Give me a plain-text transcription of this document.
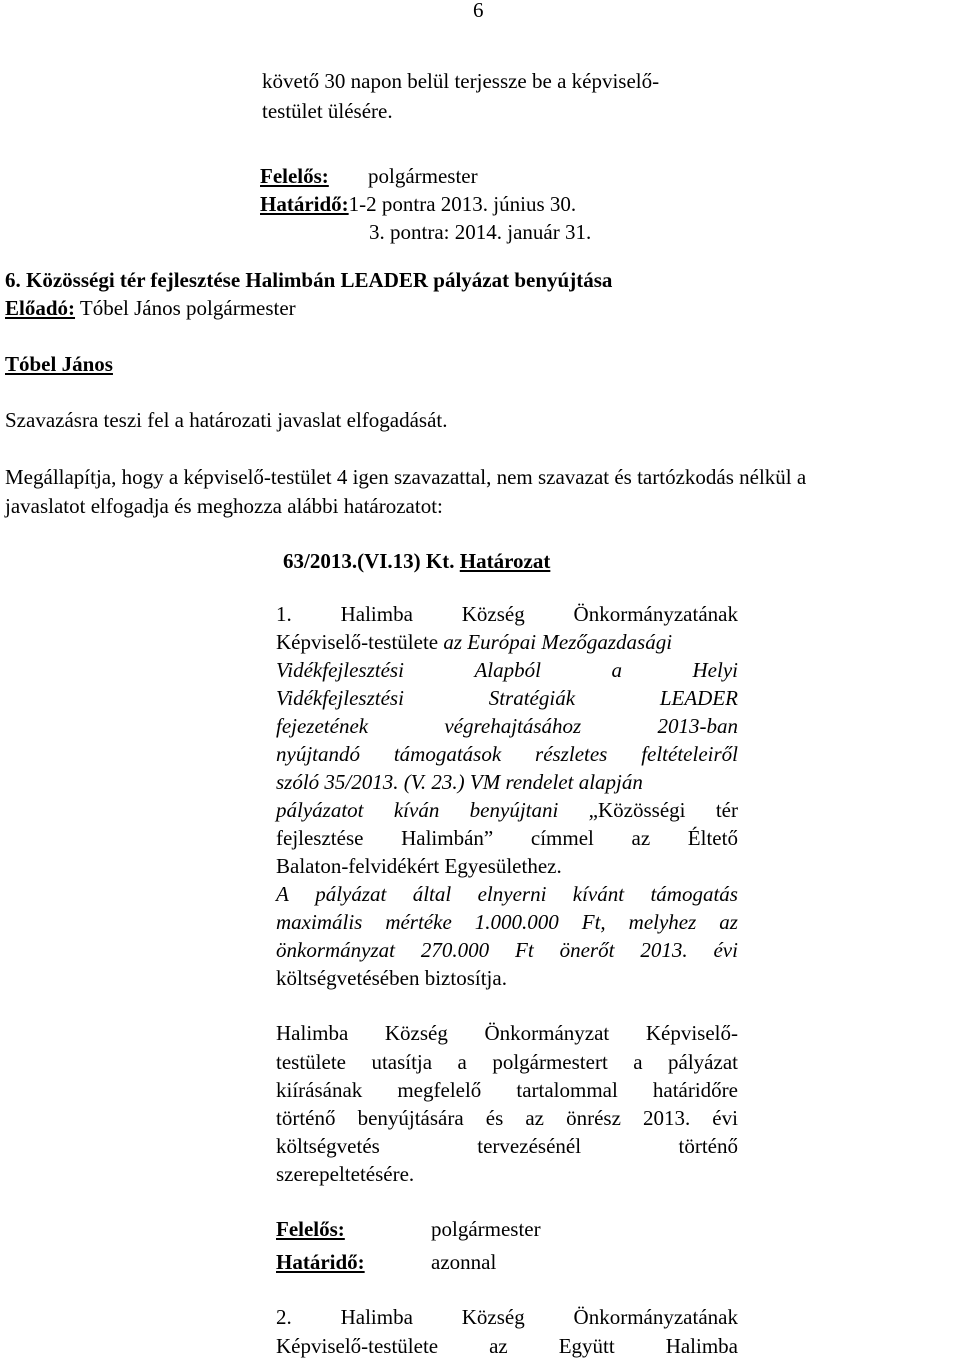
6
követő 30 napon belül terjessze be a képviselő-
testület ülésére.
Felelős: polgármester
Határidő:1-2 pontra 2013. június 30.
3. pontra: 2014. január 31.
6. Közösségi tér fejlesztése Halimbán LEADER pályázat benyújtása
Előadó: Tóbel János polgármester
Tóbel János
Szavazásra teszi fel a határozati javaslat elfogadását.
Megállapítja, hogy a képviselő-testület 4 igen szavazattal, nem szavazat és tartózkodás nélkül a
javaslatot elfogadja és meghozza alábbi határozatot:
63/2013.(VI.13) Kt. Határozat
1. Halimba Község Önkormányzatának
Képviselő-testülete az Európai Mezőgazdasági
Vidékfejlesztési	Alapból	a	Helyi
Vidékfejlesztési	Stratégiák	LEADER
fejezetének	végrehajtásához	2013-ban
nyújtandó támogatások részletes feltételeiről
szóló 35/2013. (V. 23.) VM rendelet alapján
pályázatot kíván benyújtani „Közösségi tér
fejlesztése Halimbán” címmel az Éltető
Balaton-felvidékért Egyesülethez.
A pályázat által elnyerni kívánt támogatás
maximális mértéke 1.000.000 Ft, melyhez az
önkormányzat 270.000 Ft önerőt 2013. évi
költségvetésében biztosítja.
Halimba Község Önkormányzat Képviselő-
testülete utasítja a polgármestert a pályázat
kiírásának megfelelő tartalommal határidőre
történő benyújtására és az önrész 2013. évi
költségvetés	tervezésénél	történő
szerepeltetésére.
Felelős:	polgármester
Határidő:	azonnal
2. Halimba Község Önkormányzatának
Képviselő-testülete az Együtt Halimba
